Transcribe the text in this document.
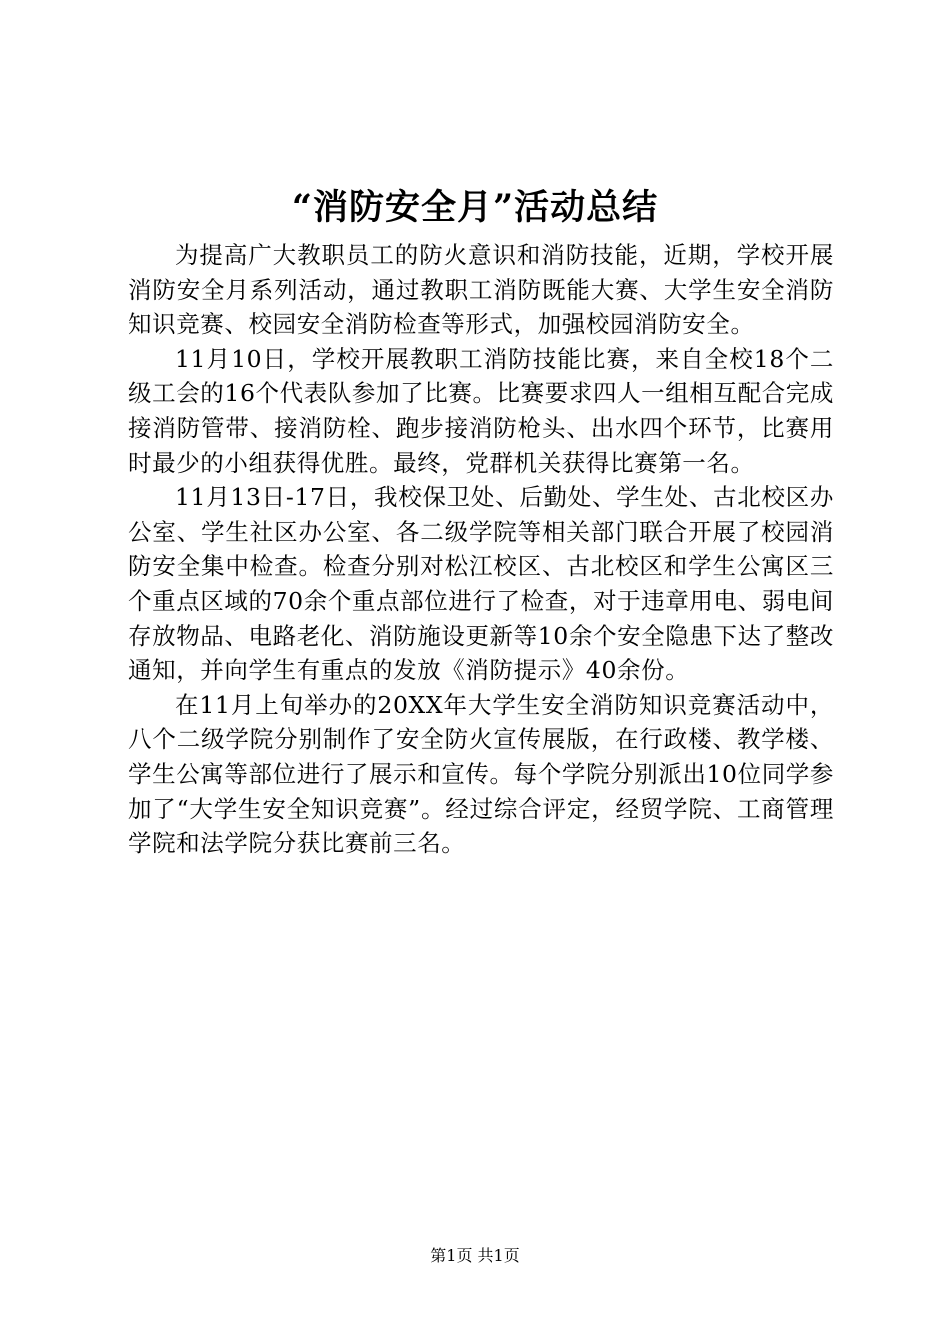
“消防安全月”活动总结

为提高广大教职员工的防火意识和消防技能，近期，学校开展消防安全月系列活动，通过教职工消防既能大赛、大学生安全消防知识竞赛、校园安全消防检查等形式，加强校园消防安全。

11月10日，学校开展教职工消防技能比赛，来自全校18个二级工会的16个代表队参加了比赛。比赛要求四人一组相互配合完成接消防管带、接消防栓、跑步接消防枪头、出水四个环节，比赛用时最少的小组获得优胜。最终，党群机关获得比赛第一名。

11月13日-17日，我校保卫处、后勤处、学生处、古北校区办公室、学生社区办公室、各二级学院等相关部门联合开展了校园消防安全集中检查。检查分别对松江校区、古北校区和学生公寓区三个重点区域的70余个重点部位进行了检查，对于违章用电、弱电间存放物品、电路老化、消防施设更新等10余个安全隐患下达了整改通知，并向学生有重点的发放《消防提示》40余份。

在11月上旬举办的20XX年大学生安全消防知识竞赛活动中，八个二级学院分别制作了安全防火宣传展版，在行政楼、教学楼、学生公寓等部位进行了展示和宣传。每个学院分别派出10位同学参加了“大学生安全知识竞赛”。经过综合评定，经贸学院、工商管理学院和法学院分获比赛前三名。

第1页 共1页
